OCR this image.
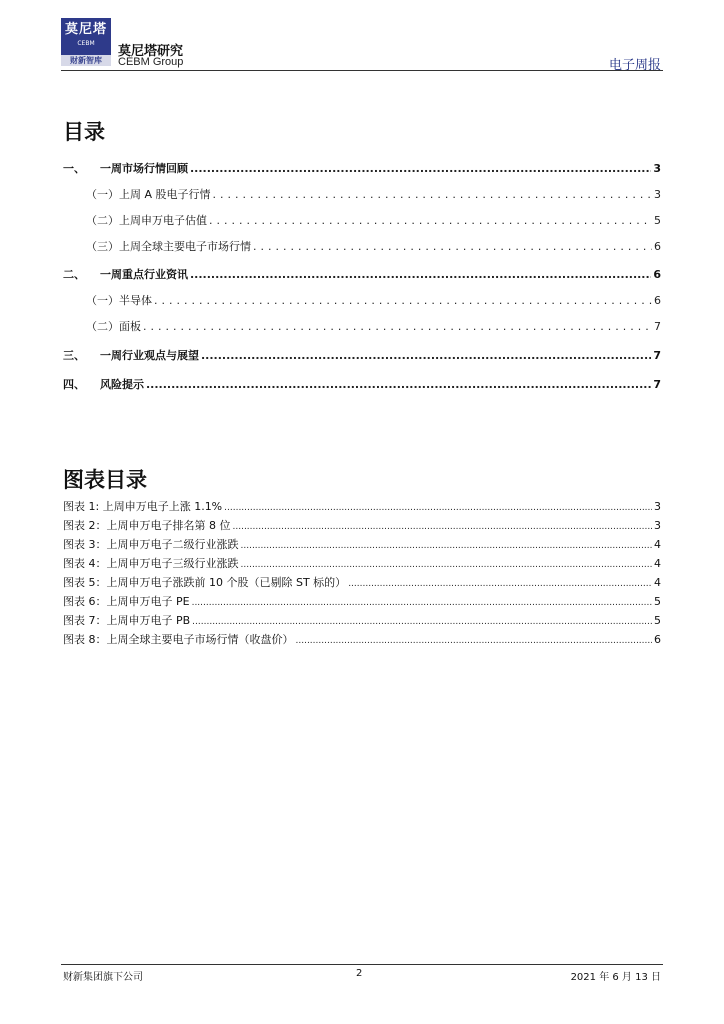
莫尼塔
CEBM
财新智库
莫尼塔研究
CEBM Group	电子周报
目录
一、	一周市场行情回顾 .....	3
（一）上周 A 股电子行情 .....	3
（二）上周申万电子估值 .....	5
（三）上周全球主要电子市场行情 .....	6
二、	一周重点行业资讯 .....	6
（一）半导体 .....	6
（二）面板 .....	7
三、	一周行业观点与展望 .....	7
四、	风险提示 .....	7
图表目录
图表 1: 上周申万电子上涨 1.1% .....	3
图表 2：上周申万电子排名第 8 位 .....	3
图表 3：上周申万电子二级行业涨跌 .....	4
图表 4：上周申万电子三级行业涨跌 .....	4
图表 5：上周申万电子涨跌前 10 个股（已剔除 ST 标的） .....	4
图表 6：上周申万电子 PE .....	5
图表 7：上周申万电子 PB .....	5
图表 8：上周全球主要电子市场行情（收盘价） .....	6
财新集团旗下公司	2	2021 年 6 月 13 日
